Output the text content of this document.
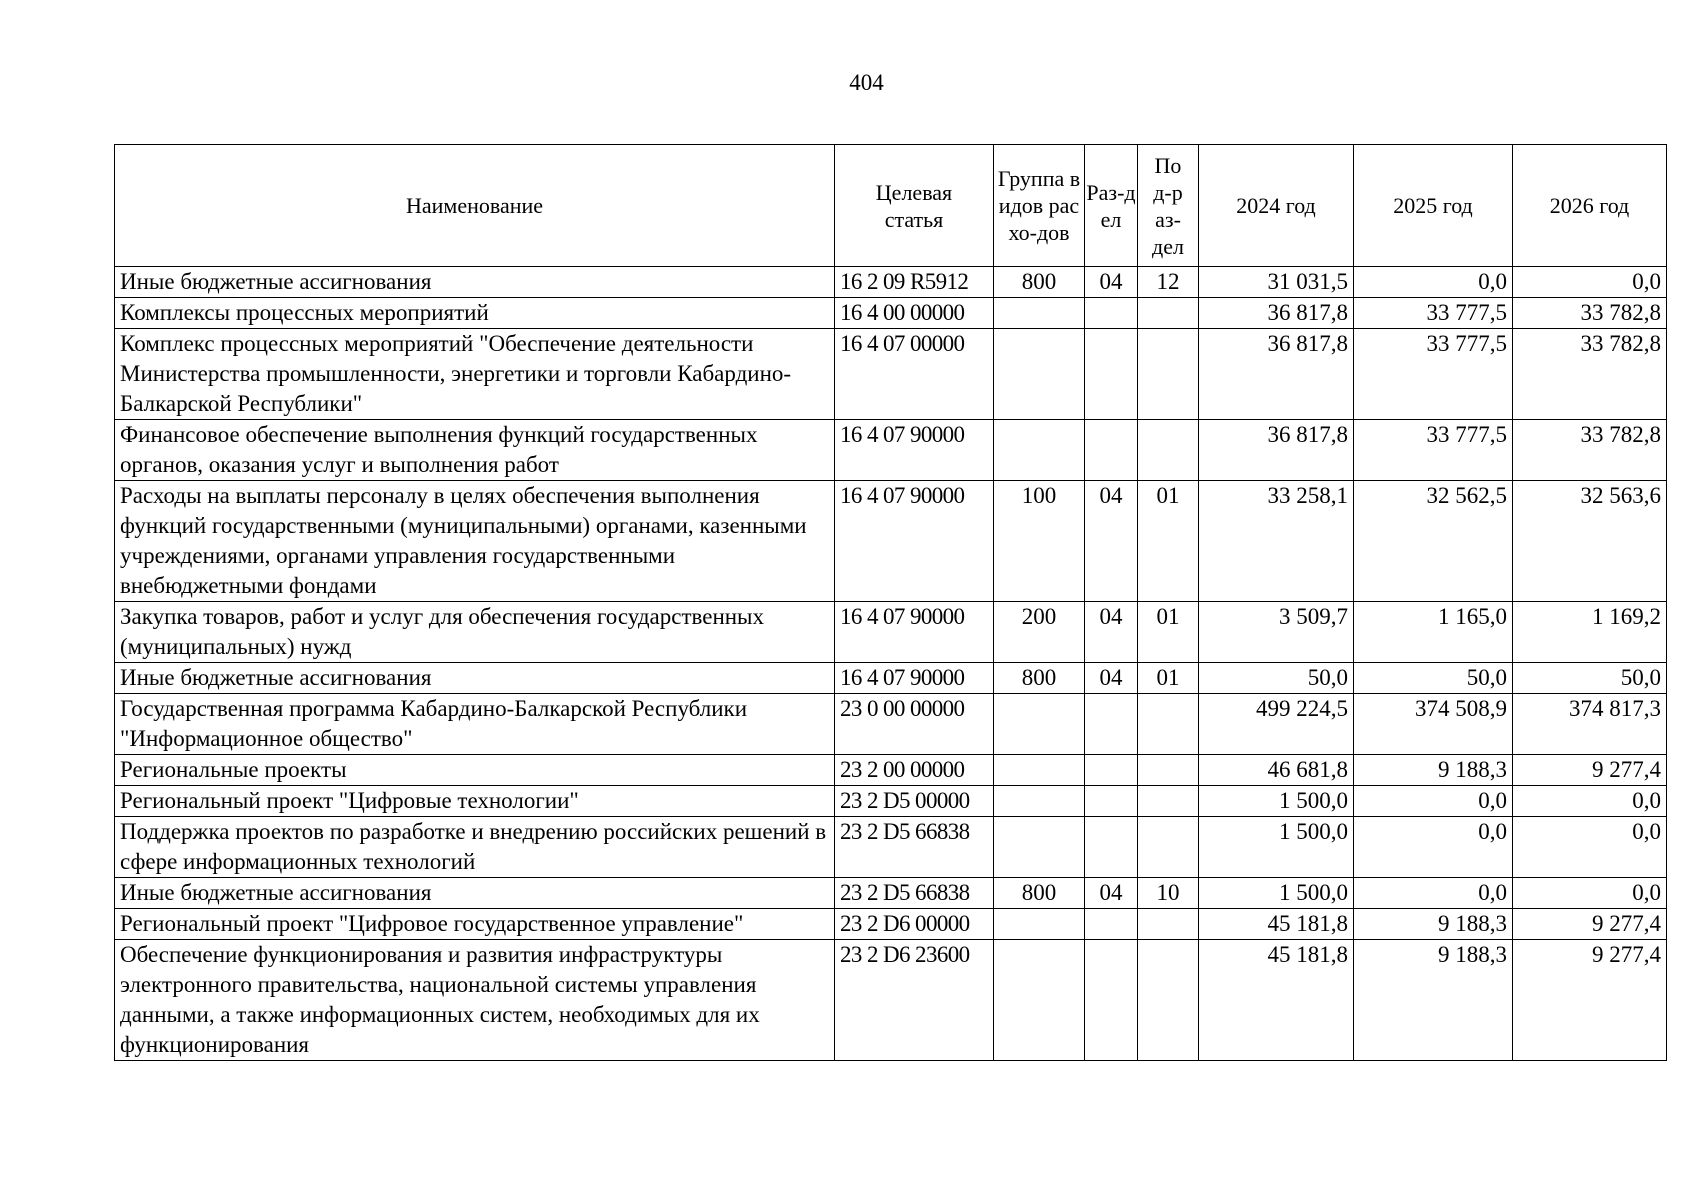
404
Наименование	Целевая статья	Группа видов расхо-дов	Раз-дел	Под-раз-дел	2024 год	2025 год	2026 год
Иные бюджетные ассигнования	16 2 09 R5912	800	04	12	31 031,5	0,0	0,0
Комплексы процессных мероприятий	16 4 00 00000				36 817,8	33 777,5	33 782,8
Комплекс процессных мероприятий "Обеспечение деятельности Министерства промышленности, энергетики и торговли Кабардино-Балкарской Республики"	16 4 07 00000				36 817,8	33 777,5	33 782,8
Финансовое обеспечение выполнения функций государственных органов, оказания услуг и выполнения работ	16 4 07 90000				36 817,8	33 777,5	33 782,8
Расходы на выплаты персоналу в целях обеспечения выполнения функций государственными (муниципальными) органами, казенными учреждениями, органами управления государственными внебюджетными фондами	16 4 07 90000	100	04	01	33 258,1	32 562,5	32 563,6
Закупка товаров, работ и услуг для обеспечения государственных (муниципальных) нужд	16 4 07 90000	200	04	01	3 509,7	1 165,0	1 169,2
Иные бюджетные ассигнования	16 4 07 90000	800	04	01	50,0	50,0	50,0
Государственная программа Кабардино-Балкарской Республики "Информационное общество"	23 0 00 00000				499 224,5	374 508,9	374 817,3
Региональные проекты	23 2 00 00000				46 681,8	9 188,3	9 277,4
Региональный проект "Цифровые технологии"	23 2 D5 00000				1 500,0	0,0	0,0
Поддержка проектов по разработке и внедрению российских решений в сфере информационных технологий	23 2 D5 66838				1 500,0	0,0	0,0
Иные бюджетные ассигнования	23 2 D5 66838	800	04	10	1 500,0	0,0	0,0
Региональный проект "Цифровое государственное управление"	23 2 D6 00000				45 181,8	9 188,3	9 277,4
Обеспечение функционирования и развития инфраструктуры электронного правительства, национальной системы управления данными, а также информационных систем, необходимых для их функционирования	23 2 D6 23600				45 181,8	9 188,3	9 277,4
